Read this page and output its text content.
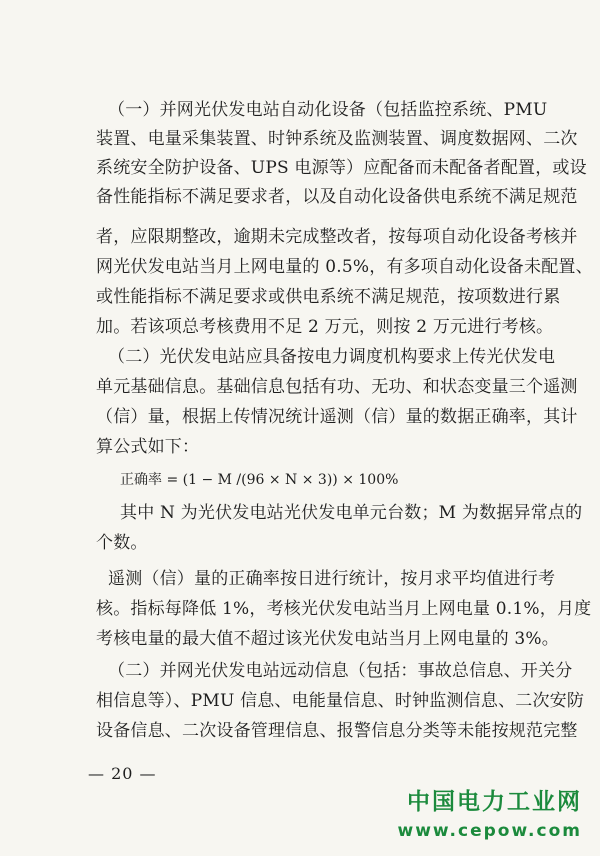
（一）并网光伏发电站自动化设备（包括监控系统、PMU
装置、电量采集装置、时钟系统及监测装置、调度数据网、二次
系统安全防护设备、UPS 电源等）应配备而未配备者配置，或设
备性能指标不满足要求者，以及自动化设备供电系统不满足规范
者，应限期整改，逾期未完成整改者，按每项自动化设备考核并
网光伏发电站当月上网电量的 0.5%，有多项自动化设备未配置、
或性能指标不满足要求或供电系统不满足规范，按项数进行累
加。若该项总考核费用不足 2 万元，则按 2 万元进行考核。
（二）光伏发电站应具备按电力调度机构要求上传光伏发电
单元基础信息。基础信息包括有功、无功、和状态变量三个遥测
（信）量，根据上传情况统计遥测（信）量的数据正确率，其计
算公式如下：
正确率 = (1 − M /(96 × N × 3)) × 100%
其中 N 为光伏发电站光伏发电单元台数；M 为数据异常点的
个数。
遥测（信）量的正确率按日进行统计，按月求平均值进行考
核。指标每降低 1%，考核光伏发电站当月上网电量 0.1%，月度
考核电量的最大值不超过该光伏发电站当月上网电量的 3%。
（二）并网光伏发电站远动信息（包括：事故总信息、开关分
相信息等）、PMU 信息、电能量信息、时钟监测信息、二次安防
设备信息、二次设备管理信息、报警信息分类等未能按规范完整
— 20 —
中国电力工业网
www.cepow.com
